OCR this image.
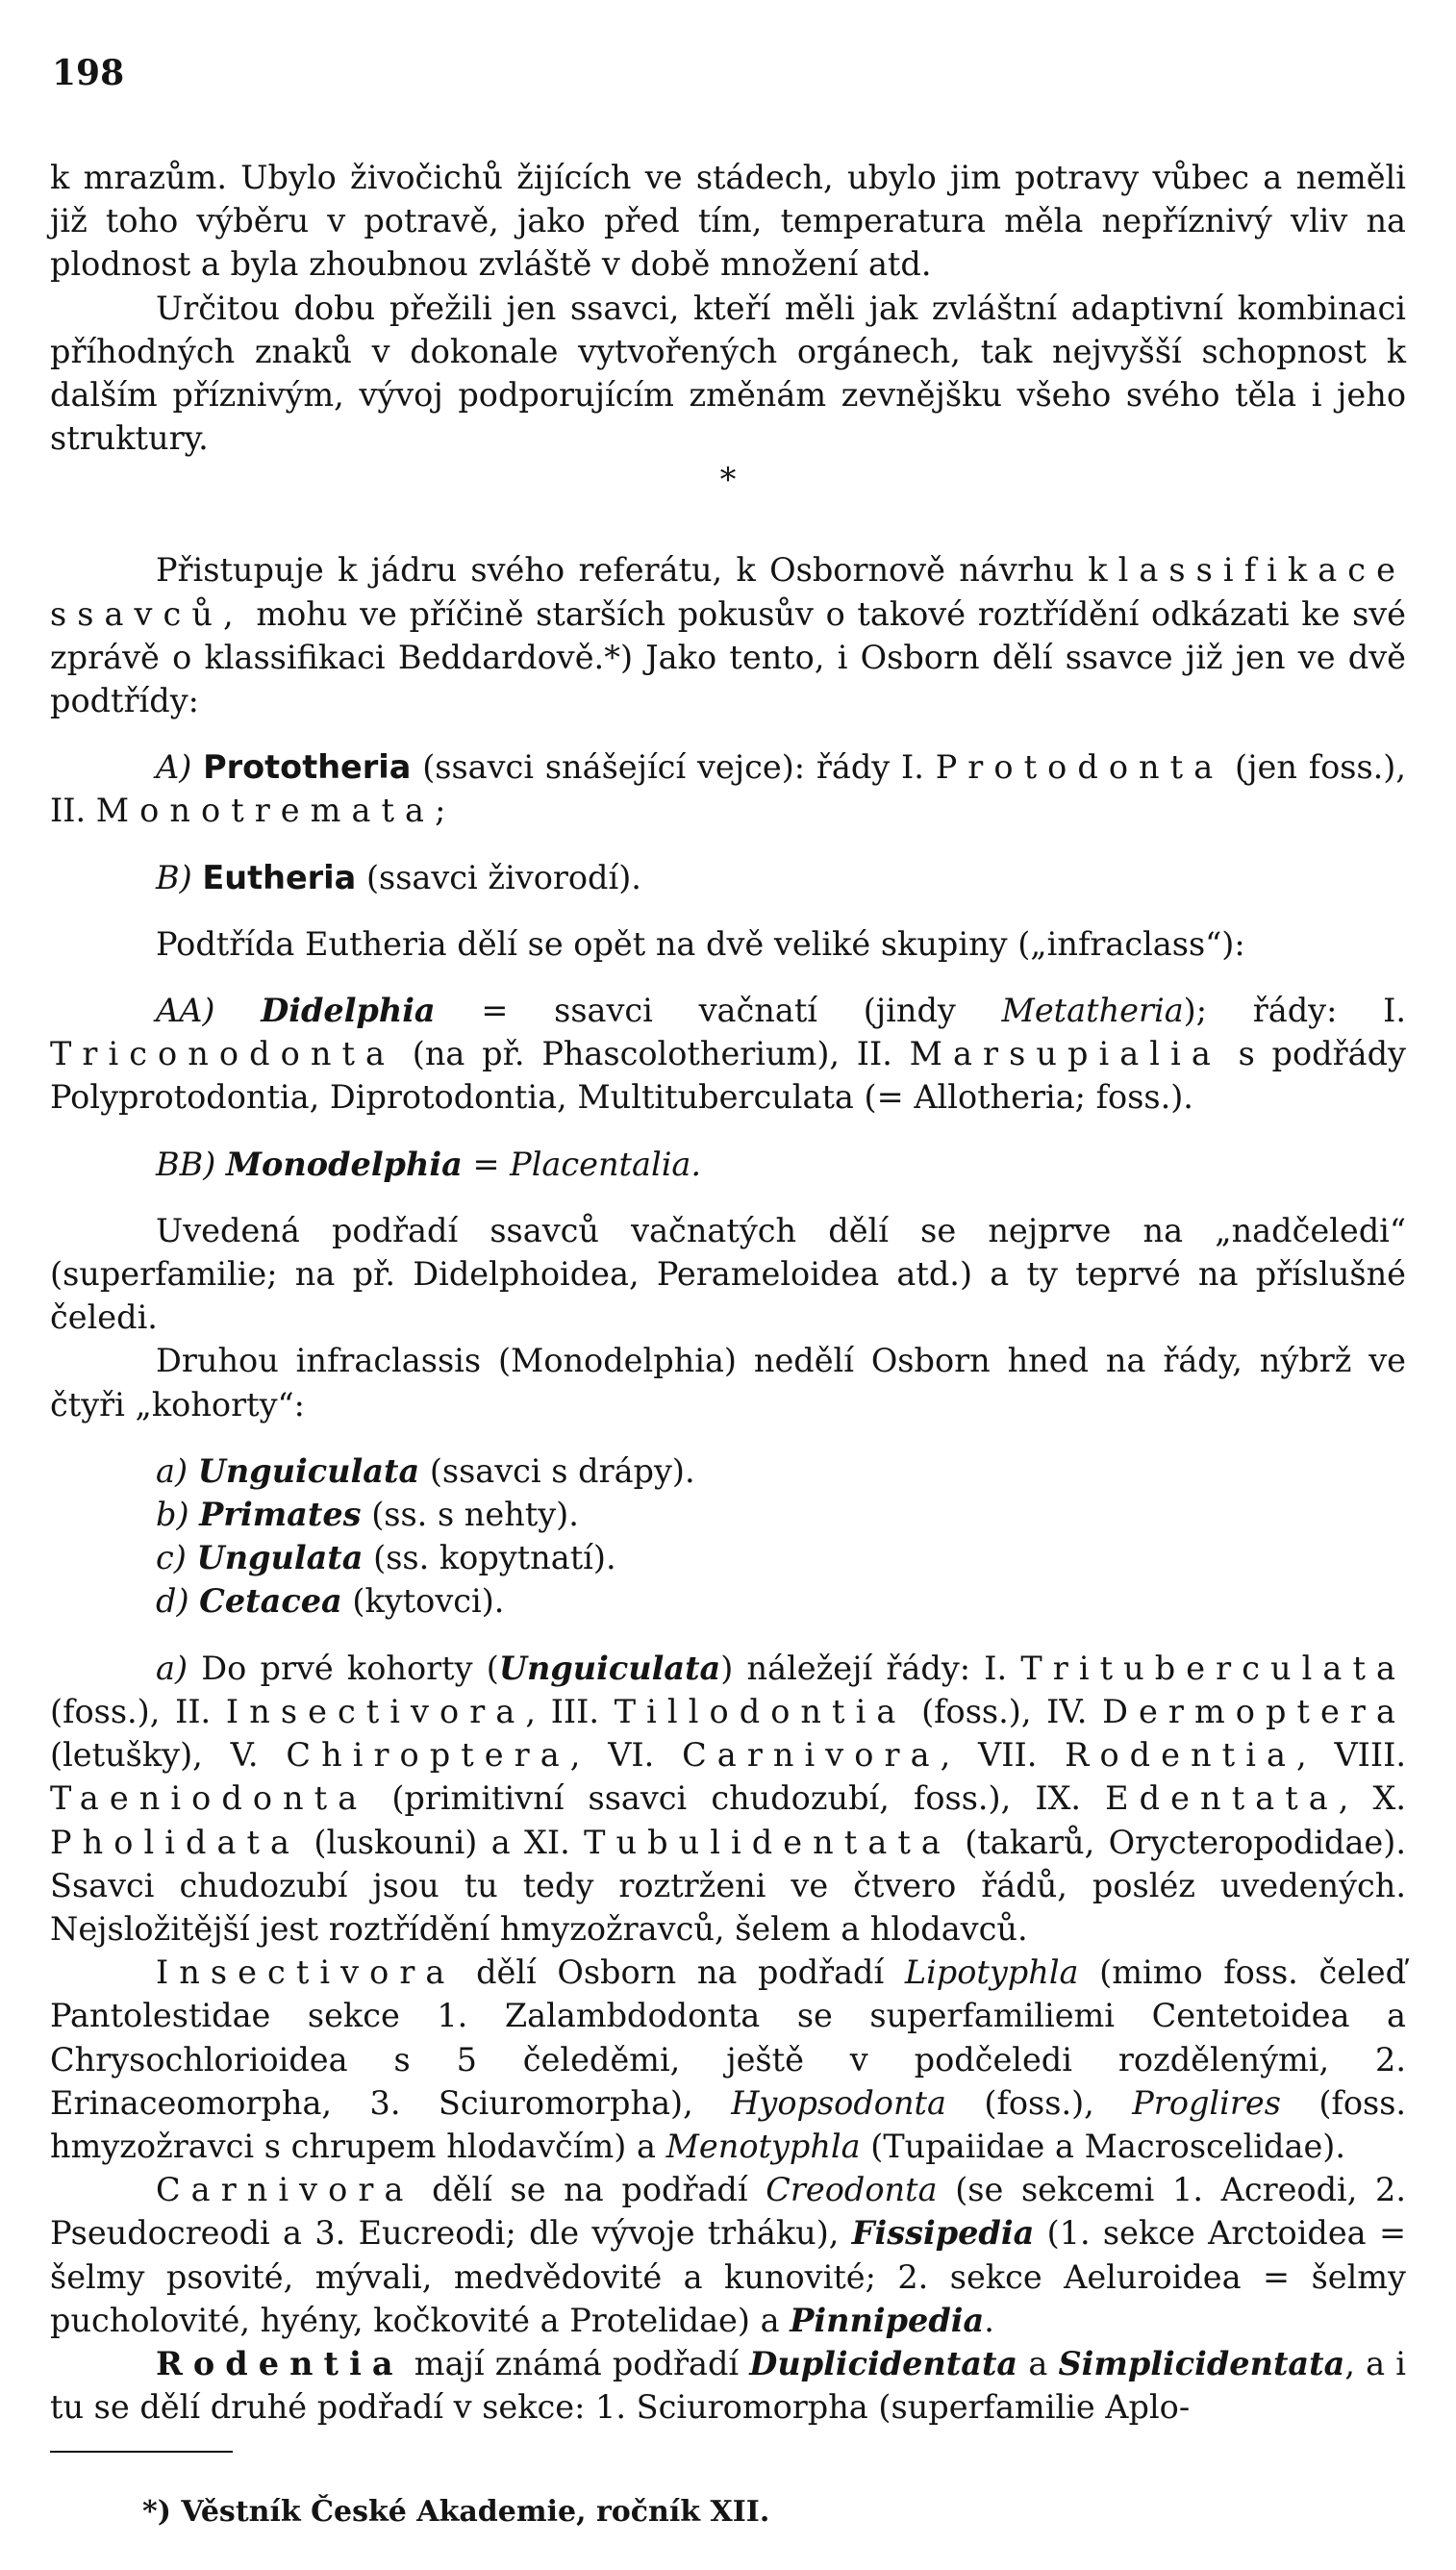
198

k mrazům. Ubylo živočichů žijících ve stádech, ubylo jim potravy vůbec a neměli již toho výběru v potravě, jako před tím, temperatura měla nepříznivý vliv na plodnost a byla zhoubnou zvláště v době množení atd.

Určitou dobu přežili jen ssavci, kteří měli jak zvláštní adaptivní kombinaci příhodných znaků v dokonale vytvořených orgánech, tak nejvyšší schopnost k dalším příznivým, vývoj podporujícím změnám zevnějšku všeho svého těla i jeho struktury.

*

Přistupuje k jádru svého referátu, k Osbornově návrhu klassifikace ssavců, mohu ve příčině starších pokusův o takové roztřídění odkázati ke své zprávě o klassifikaci Beddardově.*) Jako tento, i Osborn dělí ssavce již jen ve dvě podtřídy:

A) Prototheria (ssavci snášející vejce): řády I. Protodonta (jen foss.), II. Monotremata;

B) Eutheria (ssavci živorodí).

Podtřída Eutheria dělí se opět na dvě veliké skupiny („infraclass“):

AA) Didelphia = ssavci vačnatí (jindy Metatheria); řády: I. Triconodonta (na př. Phascolotherium), II. Marsupialia s podřády Polyprotodontia, Diprotodontia, Multituberculata (= Allotheria; foss.).

BB) Monodelphia = Placentalia.

Uvedená podřadí ssavců vačnatých dělí se nejprve na „nadčeledi“ (superfamilie; na př. Didelphoidea, Perameloidea atd.) a ty teprvé na příslušné čeledi.

Druhou infraclassis (Monodelphia) nedělí Osborn hned na řády, nýbrž ve čtyři „kohorty“:

a) Unguiculata (ssavci s drápy).

b) Primates (ss. s nehty).

c) Ungulata (ss. kopytnatí).

d) Cetacea (kytovci).

a) Do prvé kohorty (Unguiculata) náležejí řády: I. Trituberculata (foss.), II. Insectivora, III. Tillodontia (foss.), IV. Dermoptera (letušky), V. Chiroptera, VI. Carnivora, VII. Rodentia, VIII. Taeniodonta (primitivní ssavci chudozubí, foss.), IX. Edentata, X. Pholidata (luskouni) a XI. Tubulidentata (takarů, Orycteropodidae). Ssavci chudozubí jsou tu tedy roztrženi ve čtvero řádů, posléz uvedených. Nejsložitější jest roztřídění hmyzožravců, šelem a hlodavců.

Insectivora dělí Osborn na podřadí Lipotyphla (mimo foss. čeleď Pantolestidae sekce 1. Zalambdodonta se superfamiliemi Centetoidea a Chrysochlorioidea s 5 čeleděmi, ještě v podčeledi rozdělenými, 2. Erinaceomorpha, 3. Sciuromorpha), Hyopsodonta (foss.), Proglires (foss. hmyzožravci s chrupem hlodavčím) a Menotyphla (Tupaiidae a Macroscelidae).

Carnivora dělí se na podřadí Creodonta (se sekcemi 1. Acreodi, 2. Pseudocreodi a 3. Eucreodi; dle vývoje trháku), Fissipedia (1. sekce Arctoidea = šelmy psovité, mývali, medvědovité a kunovité; 2. sekce Aeluroidea = šelmy pucholovité, hyény, kočkovité a Protelidae) a Pinnipedia.

Rodentia mají známá podřadí Duplicidentata a Simplicidentata, a i tu se dělí druhé podřadí v sekce: 1. Sciuromorpha (superfamilie Aplo-

*) Věstník České Akademie, ročník XII.
